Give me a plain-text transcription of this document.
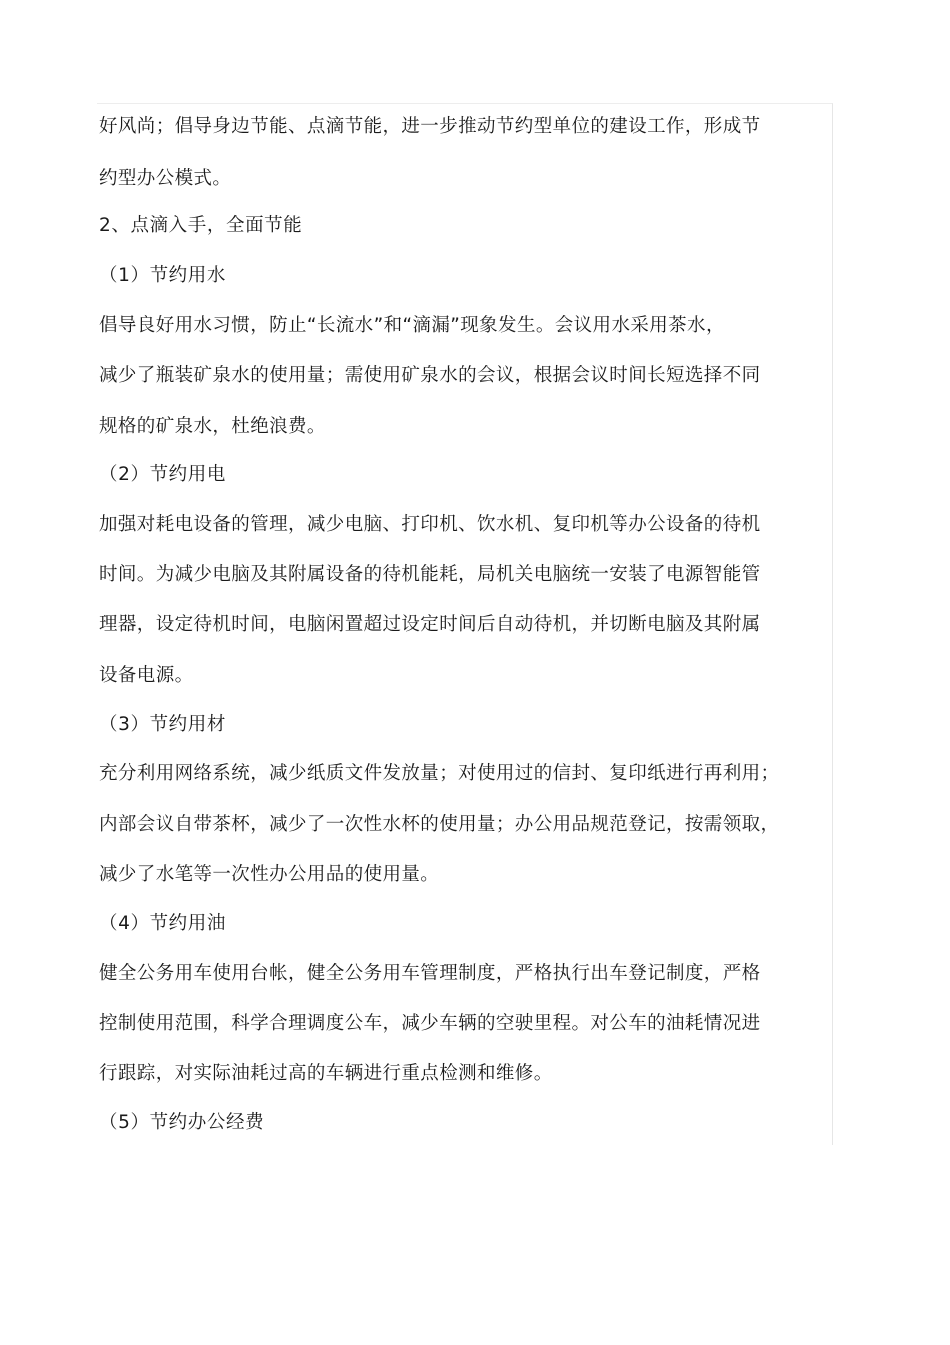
好风尚；倡导身边节能、点滴节能，进一步推动节约型单位的建设工作，形成节
约型办公模式。
2、点滴入手，全面节能
（1）节约用水
倡导良好用水习惯，防止“长流水”和“滴漏”现象发生。会议用水采用茶水，
减少了瓶装矿泉水的使用量；需使用矿泉水的会议，根据会议时间长短选择不同
规格的矿泉水，杜绝浪费。
（2）节约用电
加强对耗电设备的管理，减少电脑、打印机、饮水机、复印机等办公设备的待机
时间。为减少电脑及其附属设备的待机能耗，局机关电脑统一安装了电源智能管
理器，设定待机时间，电脑闲置超过设定时间后自动待机，并切断电脑及其附属
设备电源。
（3）节约用材
充分利用网络系统，减少纸质文件发放量；对使用过的信封、复印纸进行再利用；
内部会议自带茶杯，减少了一次性水杯的使用量；办公用品规范登记，按需领取，
减少了水笔等一次性办公用品的使用量。
（4）节约用油
健全公务用车使用台帐，健全公务用车管理制度，严格执行出车登记制度，严格
控制使用范围，科学合理调度公车，减少车辆的空驶里程。对公车的油耗情况进
行跟踪，对实际油耗过高的车辆进行重点检测和维修。
（5）节约办公经费
